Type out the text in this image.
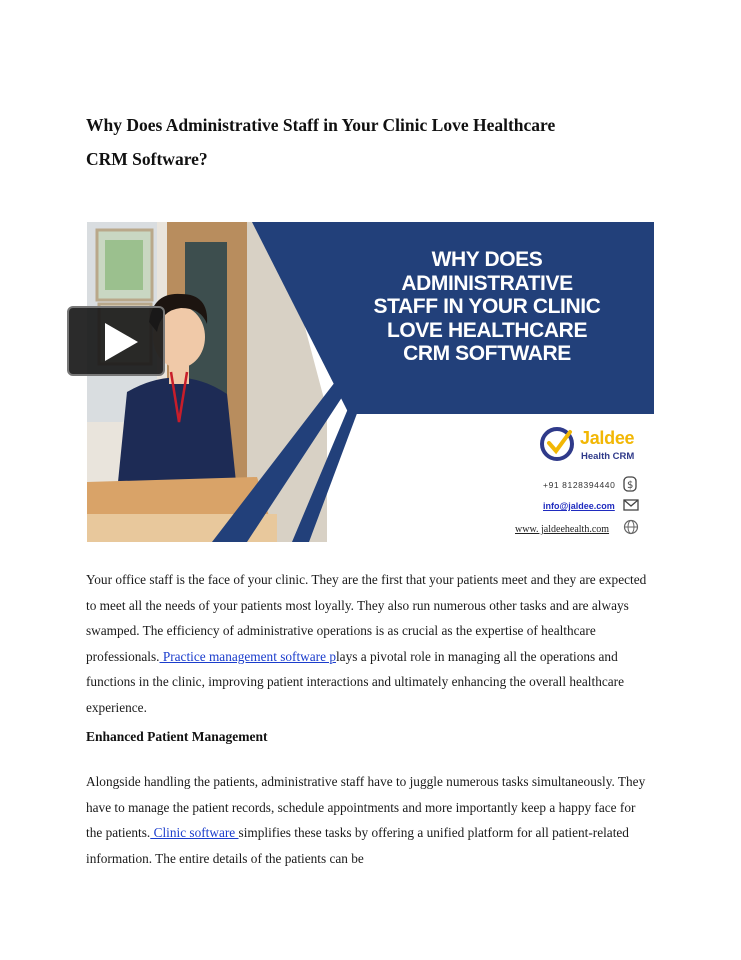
Why Does Administrative Staff in Your Clinic Love Healthcare
CRM Software?
WHY DOES
ADMINISTRATIVE
STAFF IN YOUR CLINIC
LOVE HEALTHCARE
CRM SOFTWARE
Jaldee
Health CRM
+91 8128394440 $
info@jaldee.com
www. jaldeehealth.com

Your office staff is the face of your clinic. They are the first that your patients meet and they are expected to meet all the needs of your patients most loyally. They also run numerous other tasks and are always swamped. The efficiency of administrative operations is as crucial as the expertise of healthcare professionals. Practice management software plays a pivotal role in managing all the operations and functions in the clinic, improving patient interactions and ultimately enhancing the overall healthcare experience.

Enhanced Patient Management

Alongside handling the patients, administrative staff have to juggle numerous tasks simultaneously. They have to manage the patient records, schedule appointments and more importantly keep a happy face for the patients. Clinic software simplifies these tasks by offering a unified platform for all patient-related information. The entire details of the patients can be
